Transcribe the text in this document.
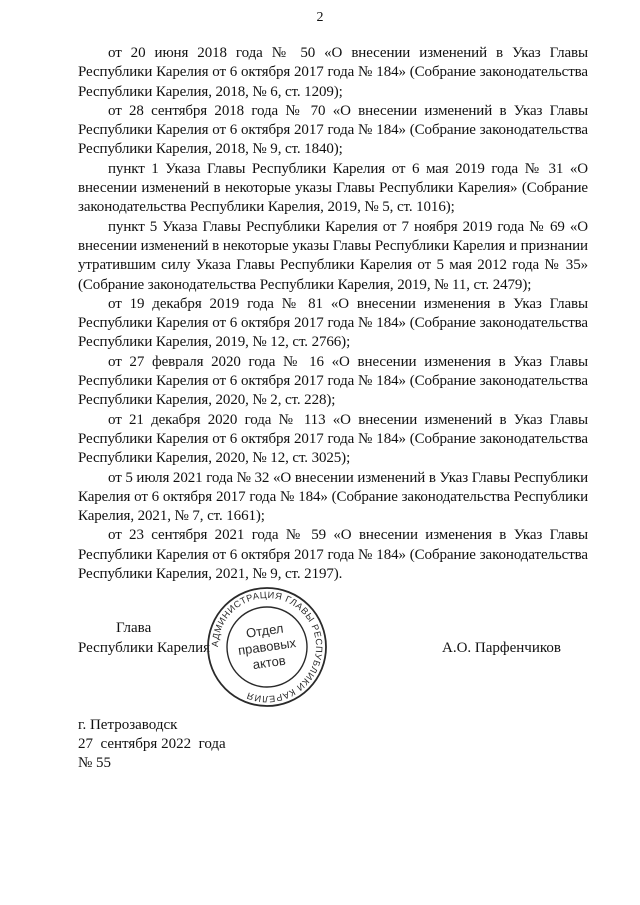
2

от 20 июня 2018 года № 50 «О внесении изменений в Указ Главы Республики Карелия от 6 октября 2017 года № 184» (Собрание законодательства Республики Карелия, 2018, № 6, ст. 1209);

от 28 сентября 2018 года № 70 «О внесении изменений в Указ Главы Республики Карелия от 6 октября 2017 года № 184» (Собрание законодательства Республики Карелия, 2018, № 9, ст. 1840);

пункт 1 Указа Главы Республики Карелия от 6 мая 2019 года № 31 «О внесении изменений в некоторые указы Главы Республики Карелия» (Собрание законодательства Республики Карелия, 2019, № 5, ст. 1016);

пункт 5 Указа Главы Республики Карелия от 7 ноября 2019 года № 69 «О внесении изменений в некоторые указы Главы Республики Карелия и признании утратившим силу Указа Главы Республики Карелия от 5 мая 2012 года № 35» (Собрание законодательства Республики Карелия, 2019, № 11, ст. 2479);

от 19 декабря 2019 года № 81 «О внесении изменения в Указ Главы Республики Карелия от 6 октября 2017 года № 184» (Собрание законодательства Республики Карелия, 2019, № 12, ст. 2766);

от 27 февраля 2020 года № 16 «О внесении изменения в Указ Главы Республики Карелия от 6 октября 2017 года № 184» (Собрание законодательства Республики Карелия, 2020, № 2, ст. 228);

от 21 декабря 2020 года № 113 «О внесении изменений в Указ Главы Республики Карелия от 6 октября 2017 года № 184» (Собрание законодательства Республики Карелия, 2020, № 12, ст. 3025);

от 5 июля 2021 года № 32 «О внесении изменений в Указ Главы Республики Карелия от 6 октября 2017 года № 184» (Собрание законодательства Республики Карелия, 2021, № 7, ст. 1661);

от 23 сентября 2021 года № 59 «О внесении изменения в Указ Главы Республики Карелия от 6 октября 2017 года № 184» (Собрание законодательства Республики Карелия, 2021, № 9, ст. 2197).

Глава
Республики Карелия	А.О. Парфенчиков
АДМИНИСТРАЦИЯ ГЛАВЫ РЕСПУБЛИКИ КАРЕЛИЯ
Отдел
правовых
актов
г. Петрозаводск
27  сентября 2022  года
№ 55
